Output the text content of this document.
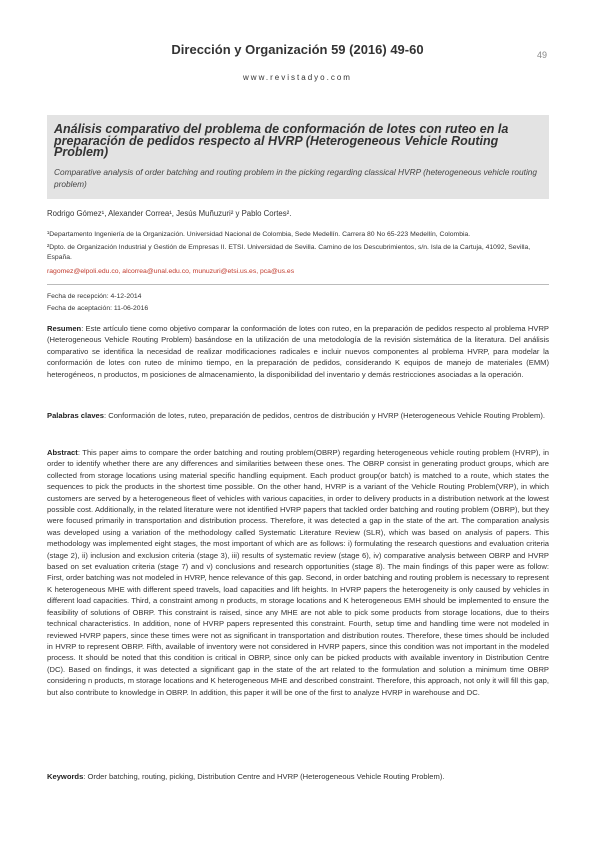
Dirección y Organización 59 (2016) 49-60	49
www.revistadyo.com

Análisis comparativo del problema de conformación de lotes con ruteo en la preparación de pedidos respecto al HVRP (Heterogeneous Vehicle Routing Problem)

Comparative analysis of order batching and routing problem in the picking regarding classical HVRP (heterogeneous vehicle routing problem)

Rodrigo Gómez¹, Alexander Correa¹, Jesús Muñuzuri² y Pablo Cortes².
¹Departamento Ingeniería de la Organización. Universidad Nacional de Colombia, Sede Medellín. Carrera 80 No 65-223 Medellín, Colombia.
²Dpto. de Organización Industrial y Gestión de Empresas II. ETSI. Universidad de Sevilla. Camino de los Descubrimientos, s/n. Isla de la Cartuja, 41092, Sevilla, España.
ragomez@elpoli.edu.co, alcorrea@unal.edu.co, munuzuri@etsi.us.es, pca@us.es
Fecha de recepción: 4-12-2014
Fecha de aceptación: 11-06-2016

Resumen: Este artículo tiene como objetivo comparar la conformación de lotes con ruteo, en la preparación de pedidos respecto al problema HVRP (Heterogeneous Vehicle Routing Problem) basándose en la utilización de una metodología de la revisión sistemática de la literatura. Del análisis comparativo se identifica la necesidad de realizar modificaciones radicales e incluir nuevos componentes al problema HVRP, para modelar la conformación de lotes con ruteo de mínimo tiempo, en la preparación de pedidos, considerando K equipos de manejo de materiales (EMM) heterogéneos, n productos, m posiciones de almacenamiento, la disponibilidad del inventario y demás restricciones asociadas a la operación.

Palabras claves: Conformación de lotes, ruteo, preparación de pedidos, centros de distribución y HVRP (Heterogeneous Vehicle Routing Problem).

Abstract: This paper aims to compare the order batching and routing problem(OBRP) regarding heterogeneous vehicle routing problem (HVRP), in order to identify whether there are any differences and similarities between these ones. The OBRP consist in generating product groups, which are collected from storage locations using material specific handling equipment. Each product group(or batch) is matched to a route, which states the sequences to pick the products in the shortest time possible. On the other hand, HVRP is a variant of the Vehicle Routing Problem(VRP), in which customers are served by a heterogeneous fleet of vehicles with various capacities, in order to delivery products in a distribution network at the lowest possible cost. Additionally, in the related literature were not identified HVRP papers that tackled order batching and routing problem (OBRP), but they were focused primarily in transportation and distribution process. Therefore, it was detected a gap in the state of the art. The comparation analysis was developed using a variation of the methodology called Systematic Literature Review (SLR), which was based on analysis of papers. This methodology was implemented eight stages, the most important of which are as follows: i) formulating the research questions and evaluation criteria (stage 2), ii) inclusion and exclusion criteria (stage 3), iii) results of systematic review (stage 6), iv) comparative analysis between OBRP and HVRP based on set evaluation criteria (stage 7) and v) conclusions and research opportunities (stage 8). The main findings of this paper were as follow: First, order batching was not modeled in HVRP, hence relevance of this gap. Second, in order batching and routing problem is necessary to represent K heterogeneous MHE with different speed travels, load capacities and lift heights. In HVRP papers the heterogeneity is only caused by vehicles in different load capacities. Third, a constraint among n products, m storage locations and K heterogeneous EMH should be implemented to ensure the feasibility of solutions of OBRP. This constraint is raised, since any MHE are not able to pick some products from storage locations, due to theirs technical characteristics. In addition, none of HVRP papers represented this constraint. Fourth, setup time and handling time were not modeled in reviewed HVRP papers, since these times were not as significant in transportation and distribution routes. Therefore, these times should be included in HVRP to represent OBRP. Fifth, available of inventory were not considered in HVRP papers, since this condition was not important in the modeled process. It should be noted that this condition is critical in OBRP, since only can be picked products with available inventory in Distribution Centre (DC). Based on findings, it was detected a significant gap in the state of the art related to the formulation and solution a minimum time OBRP considering n products, m storage locations and K heterogeneous MHE and described constraint. Therefore, this approach, not only it will fill this gap, but also contribute to knowledge in OBRP. In addition, this paper it will be one of the first to analyze HVRP in warehouse and DC.

Keywords: Order batching, routing, picking, Distribution Centre and HVRP (Heterogeneous Vehicle Routing Problem).
